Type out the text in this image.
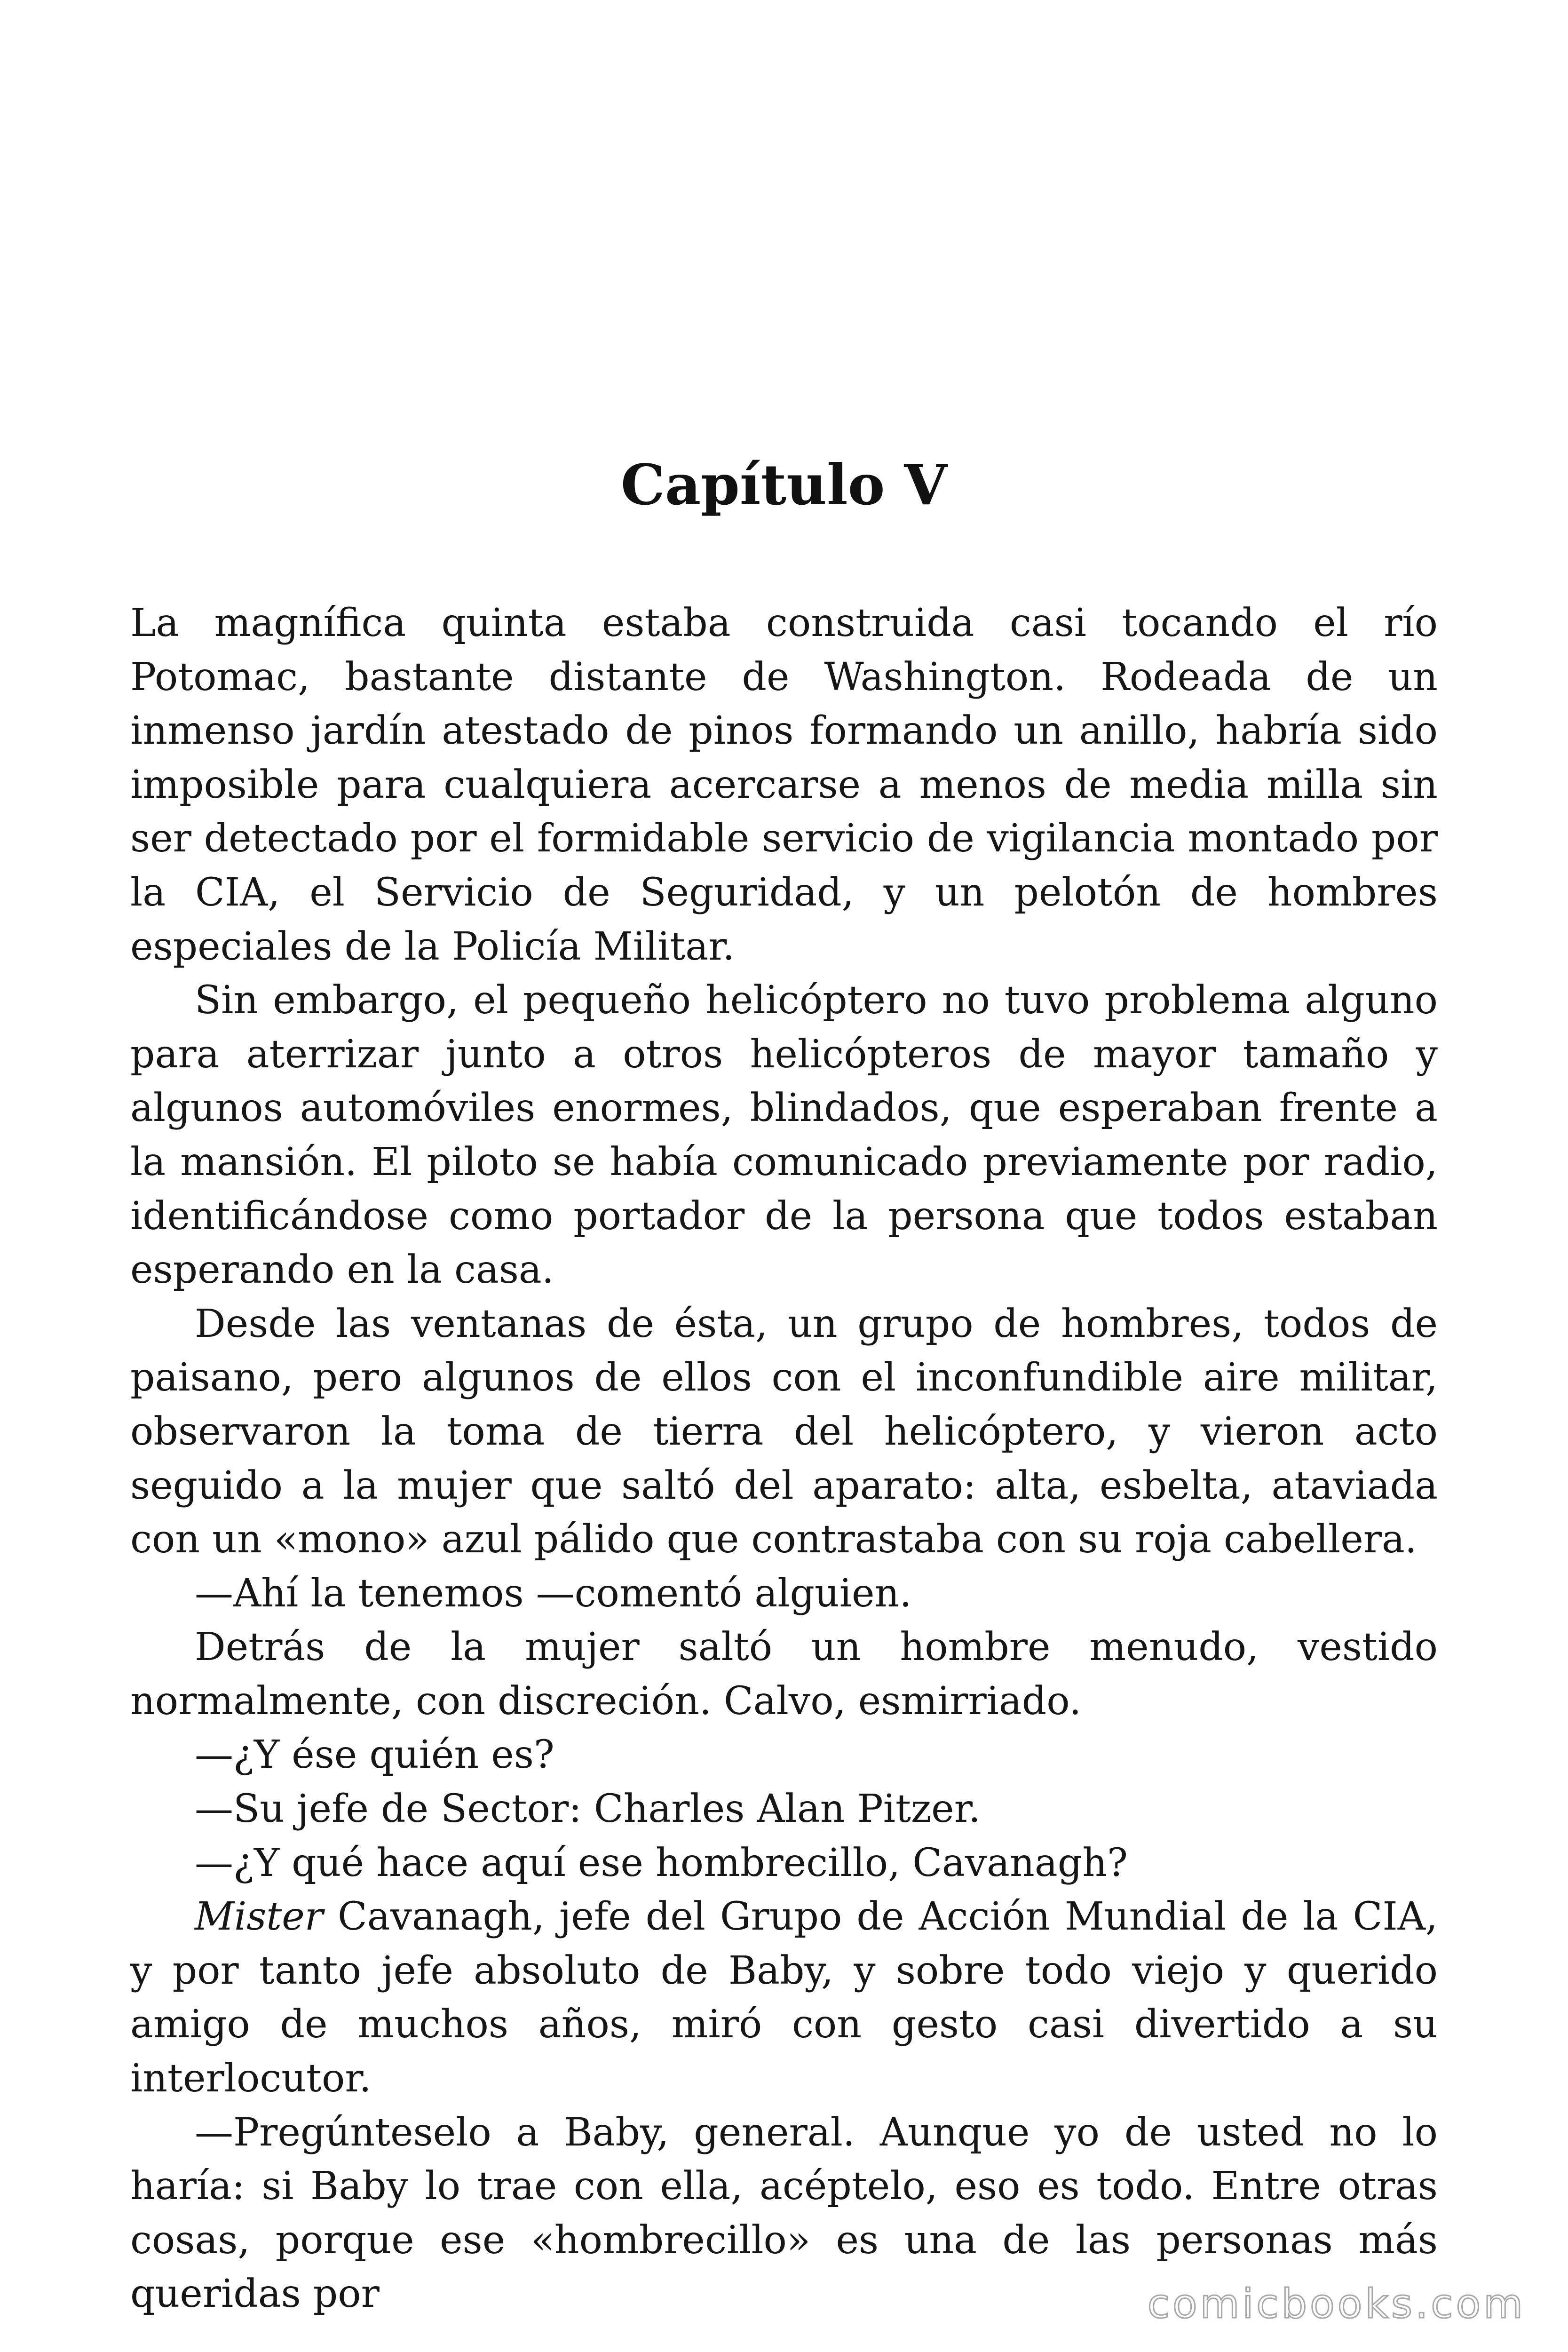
Capítulo V

La magnífica quinta estaba construida casi tocando el río Potomac, bastante distante de Washington. Rodeada de un inmenso jardín atestado de pinos formando un anillo, habría sido imposible para cualquiera acercarse a menos de media milla sin ser detectado por el formidable servicio de vigilancia montado por la CIA, el Servicio de Seguridad, y un pelotón de hombres especiales de la Policía Militar.

Sin embargo, el pequeño helicóptero no tuvo problema alguno para aterrizar junto a otros helicópteros de mayor tamaño y algunos automóviles enormes, blindados, que esperaban frente a la mansión. El piloto se había comunicado previamente por radio, identificándose como portador de la persona que todos estaban esperando en la casa.

Desde las ventanas de ésta, un grupo de hombres, todos de paisano, pero algunos de ellos con el inconfundible aire militar, observaron la toma de tierra del helicóptero, y vieron acto seguido a la mujer que saltó del aparato: alta, esbelta, ataviada con un «mono» azul pálido que contrastaba con su roja cabellera.

—Ahí la tenemos —comentó alguien.

Detrás de la mujer saltó un hombre menudo, vestido normalmente, con discreción. Calvo, esmirriado.

—¿Y ése quién es?

—Su jefe de Sector: Charles Alan Pitzer.

—¿Y qué hace aquí ese hombrecillo, Cavanagh?

Mister Cavanagh, jefe del Grupo de Acción Mundial de la CIA, y por tanto jefe absoluto de Baby, y sobre todo viejo y querido amigo de muchos años, miró con gesto casi divertido a su interlocutor.

—Pregúnteselo a Baby, general. Aunque yo de usted no lo haría: si Baby lo trae con ella, acéptelo, eso es todo. Entre otras cosas, porque ese «hombrecillo» es una de las personas más queridas por	comicbooks.com
